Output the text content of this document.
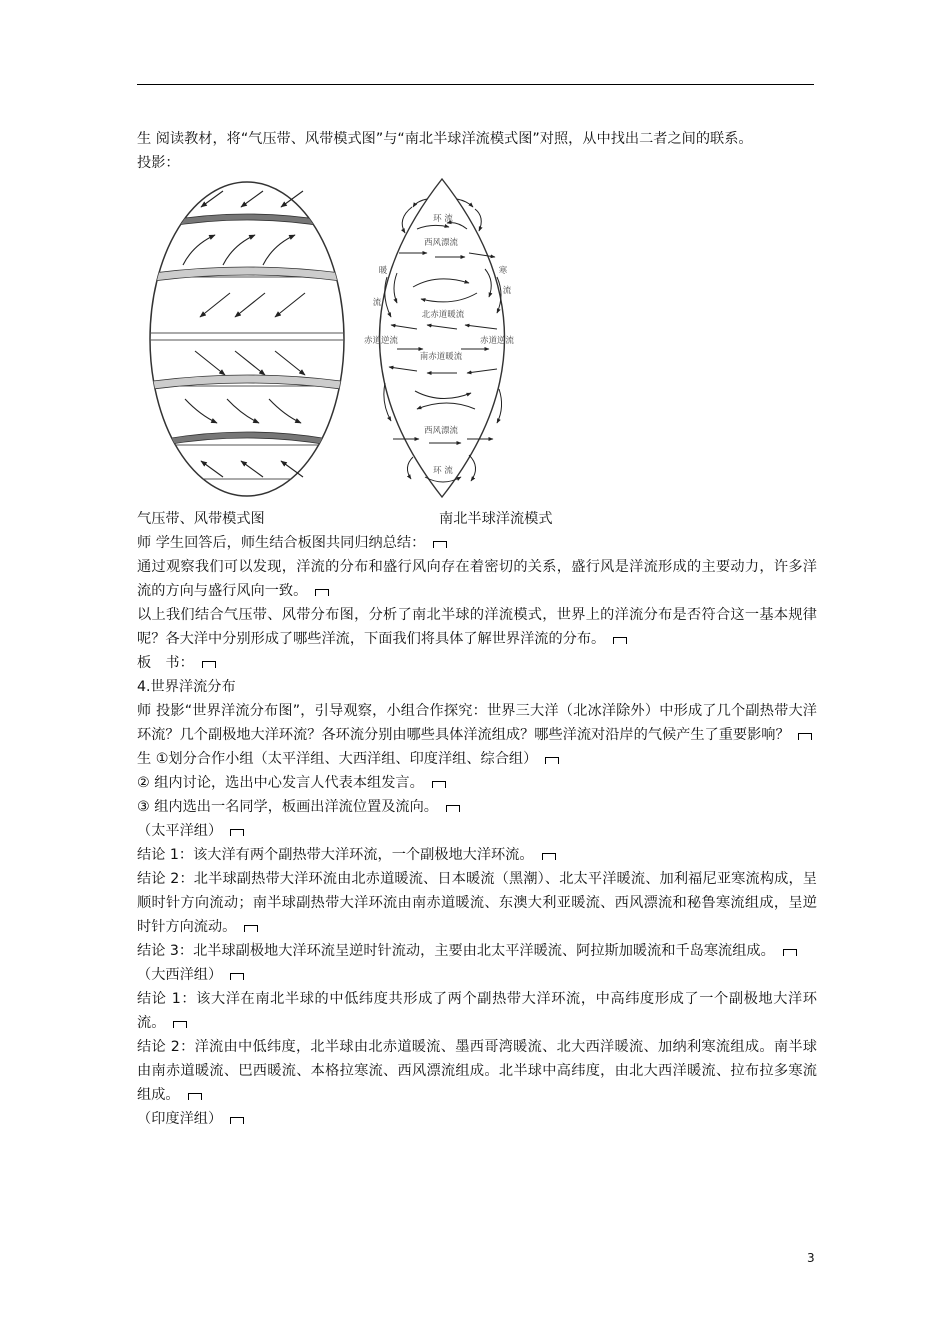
生 阅读教材，将“气压带、风带模式图”与“南北半球洋流模式图”对照，从中找出二者之间的联系。

投影：

环 流
西风漂流
暖	寒
流
流
北赤道暖流
赤道逆流	赤道逆流
南赤道暖流
西风漂流
环 流
气压带、风带模式图	南北半球洋流模式

师 学生回答后，师生结合板图共同归纳总结：

通过观察我们可以发现，洋流的分布和盛行风向存在着密切的关系，盛行风是洋流形成的主要动力，许多洋流的方向与盛行风向一致。

以上我们结合气压带、风带分布图，分析了南北半球的洋流模式，世界上的洋流分布是否符合这一基本规律呢？各大洋中分别形成了哪些洋流，下面我们将具体了解世界洋流的分布。

板　书：

4.世界洋流分布

师 投影“世界洋流分布图”，引导观察，小组合作探究：世界三大洋（北冰洋除外）中形成了几个副热带大洋环流？几个副极地大洋环流？各环流分别由哪些具体洋流组成？哪些洋流对沿岸的气候产生了重要影响？

生 ①划分合作小组（太平洋组、大西洋组、印度洋组、综合组）

② 组内讨论，选出中心发言人代表本组发言。

③ 组内选出一名同学，板画出洋流位置及流向。

（太平洋组）

结论 1：该大洋有两个副热带大洋环流，一个副极地大洋环流。

结论 2：北半球副热带大洋环流由北赤道暖流、日本暖流（黑潮）、北太平洋暖流、加利福尼亚寒流构成，呈顺时针方向流动；南半球副热带大洋环流由南赤道暖流、东澳大利亚暖流、西风漂流和秘鲁寒流组成，呈逆时针方向流动。

结论 3：北半球副极地大洋环流呈逆时针流动，主要由北太平洋暖流、阿拉斯加暖流和千岛寒流组成。

（大西洋组）

结论 1：该大洋在南北半球的中低纬度共形成了两个副热带大洋环流，中高纬度形成了一个副极地大洋环流。

结论 2：洋流由中低纬度，北半球由北赤道暖流、墨西哥湾暖流、北大西洋暖流、加纳利寒流组成。南半球由南赤道暖流、巴西暖流、本格拉寒流、西风漂流组成。北半球中高纬度，由北大西洋暖流、拉布拉多寒流组成。

（印度洋组）

3
